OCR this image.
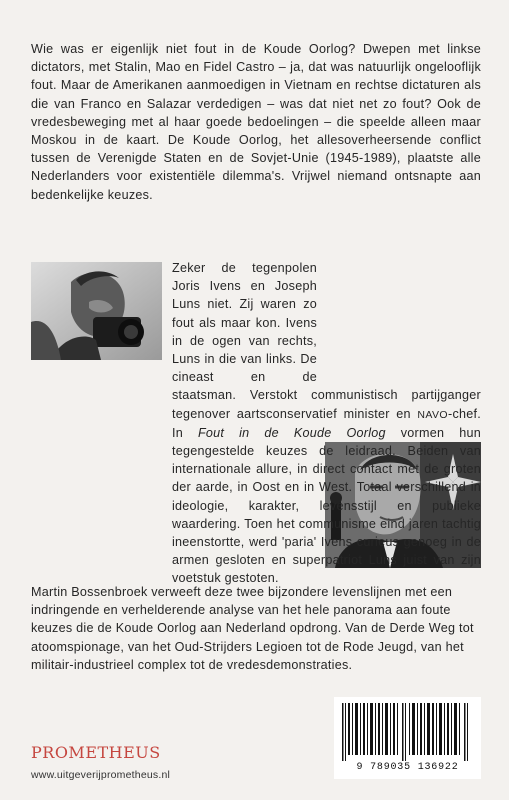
Wie was er eigenlijk niet fout in de Koude Oorlog? Dwepen met linkse dictators, met Stalin, Mao en Fidel Castro – ja, dat was natuurlijk ongelooflijk fout. Maar de Amerikanen aanmoedigen in Vietnam en rechtse dictaturen als die van Franco en Salazar verdedigen – was dat niet net zo fout? Ook de vredesbeweging met al haar goede bedoelingen – die speelde alleen maar Moskou in de kaart. De Koude Oorlog, het allesoverheersende conflict tussen de Verenigde Staten en de Sovjet-Unie (1945-1989), plaatste alle Nederlanders voor existentiële dilemma's. Vrijwel niemand ontsnapte aan bedenkelijke keuzes.

Zeker de tegenpolen Joris Ivens en Joseph Luns niet. Zij waren zo fout als maar kon. Ivens in de ogen van rechts, Luns in die van links. De cineast en de staatsman. Verstokt communistisch partijganger tegenover aartsconservatief minister en NAVO-chef. In Fout in de Koude Oorlog vormen hun tegengestelde keuzes de leidraad. Beiden van internationale allure, in direct contact met de groten der aarde, in Oost en in West. Totaal verschillend in ideologie, karakter, levensstijl en publieke waardering. Toen het communisme eind jaren tachtig ineenstortte, werd 'paria' Ivens curieus genoeg in de armen gesloten en superpatriot Luns juist van zijn voetstuk gestoten.

Martin Bossenbroek verweeft deze twee bijzondere levenslijnen met een indringende en verhelderende analyse van het hele panorama aan foute keuzes die de Koude Oorlog aan Nederland opdrong. Van de Derde Weg tot atoomspionage, van het Oud-Strijders Legioen tot de Rode Jeugd, van het militair-industrieel complex tot de vredesdemonstraties.

PROMETHEUS
www.uitgeverijprometheus.nl
9 789035 136922
